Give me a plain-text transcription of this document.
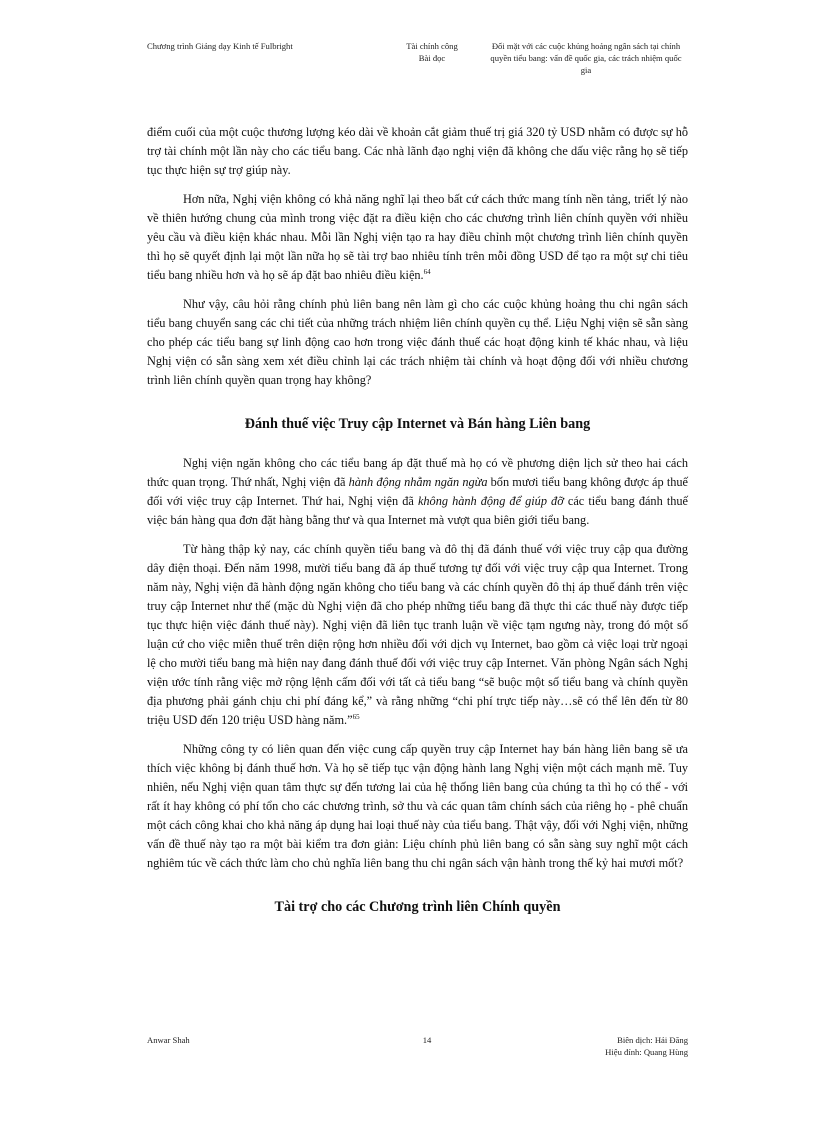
Chương trình Giảng dạy Kinh tế Fulbright	Tài chính công
Bài đọc
Đối mặt với các cuộc khủng hoảng ngân sách tại chính quyền tiểu bang: vấn đề quốc gia, các trách nhiệm quốc gia

điểm cuối của một cuộc thương lượng kéo dài về khoản cắt giảm thuế trị giá 320 tỷ USD nhằm có được sự hỗ trợ tài chính một lần này cho các tiểu bang. Các nhà lãnh đạo nghị viện đã không che dấu việc rằng họ sẽ tiếp tục thực hiện sự trợ giúp này.

Hơn nữa, Nghị viện không có khả năng nghĩ lại theo bất cứ cách thức mang tính nền tảng, triết lý nào về thiên hướng chung của mình trong việc đặt ra điều kiện cho các chương trình liên chính quyền với nhiều yêu cầu và điều kiện khác nhau. Mỗi lần Nghị viện tạo ra hay điều chỉnh một chương trình liên chính quyền thì họ sẽ quyết định lại một lần nữa họ sẽ tài trợ bao nhiêu tính trên mỗi đồng USD để tạo ra một sự chi tiêu tiểu bang nhiều hơn và họ sẽ áp đặt bao nhiêu điều kiện.$^{64}$

Như vậy, câu hỏi rằng chính phủ liên bang nên làm gì cho các cuộc khủng hoảng thu chi ngân sách tiểu bang chuyển sang các chi tiết của những trách nhiệm liên chính quyền cụ thể. Liệu Nghị viện sẽ sẵn sàng cho phép các tiểu bang sự linh động cao hơn trong việc đánh thuế các hoạt động kinh tế khác nhau, và liệu Nghị viện có sẵn sàng xem xét điều chỉnh lại các trách nhiệm tài chính và hoạt động đối với nhiều chương trình liên chính quyền quan trọng hay không?

Đánh thuế việc Truy cập Internet và Bán hàng Liên bang

Nghị viện ngăn không cho các tiểu bang áp đặt thuế mà họ có về phương diện lịch sử theo hai cách thức quan trọng. Thứ nhất, Nghị viện đã hành động nhằm ngăn ngừa bốn mươi tiểu bang không được áp thuế đối với việc truy cập Internet. Thứ hai, Nghị viện đã không hành động để giúp đỡ các tiểu bang đánh thuế việc bán hàng qua đơn đặt hàng bằng thư và qua Internet mà vượt qua biên giới tiểu bang.

Từ hàng thập kỷ nay, các chính quyền tiểu bang và đô thị đã đánh thuế với việc truy cập qua đường dây điện thoại. Đến năm 1998, mười tiểu bang đã áp thuế tương tự đối với việc truy cập qua Internet. Trong năm này, Nghị viện đã hành động ngăn không cho tiểu bang và các chính quyền đô thị áp thuế đánh trên việc truy cập Internet như thế (mặc dù Nghị viện đã cho phép những tiểu bang đã thực thi các thuế này được tiếp tục thực hiện việc đánh thuế này). Nghị viện đã liên tục tranh luận về việc tạm ngưng này, trong đó một số luận cứ cho việc miễn thuế trên diện rộng hơn nhiều đối với dịch vụ Internet, bao gồm cả việc loại trừ ngoại lệ cho mười tiểu bang mà hiện nay đang đánh thuế đối với việc truy cập Internet. Văn phòng Ngân sách Nghị viện ước tính rằng việc mở rộng lệnh cấm đối với tất cả tiểu bang “sẽ buộc một số tiểu bang và chính quyền địa phương phải gánh chịu chi phí đáng kể,” và rằng những “chi phí trực tiếp này…sẽ có thể lên đến từ 80 triệu USD đến 120 triệu USD hàng năm.”$^{65}$

Những công ty có liên quan đến việc cung cấp quyền truy cập Internet hay bán hàng liên bang sẽ ưa thích việc không bị đánh thuế hơn. Và họ sẽ tiếp tục vận động hành lang Nghị viện một cách mạnh mẽ. Tuy nhiên, nếu Nghị viện quan tâm thực sự đến tương lai của hệ thống liên bang của chúng ta thì họ có thể - với rất ít hay không có phí tổn cho các chương trình, sở thu và các quan tâm chính sách của riêng họ - phê chuẩn một cách công khai cho khả năng áp dụng hai loại thuế này của tiểu bang. Thật vậy, đối với Nghị viện, những vấn đề thuế này tạo ra một bài kiểm tra đơn giản: Liệu chính phủ liên bang có sẵn sàng suy nghĩ một cách nghiêm túc về cách thức làm cho chủ nghĩa liên bang thu chi ngân sách vận hành trong thế kỷ hai mươi mốt?

Tài trợ cho các Chương trình liên Chính quyền
Anwar Shah	14	Biên dịch: Hải Đăng
Hiệu đính: Quang Hùng
